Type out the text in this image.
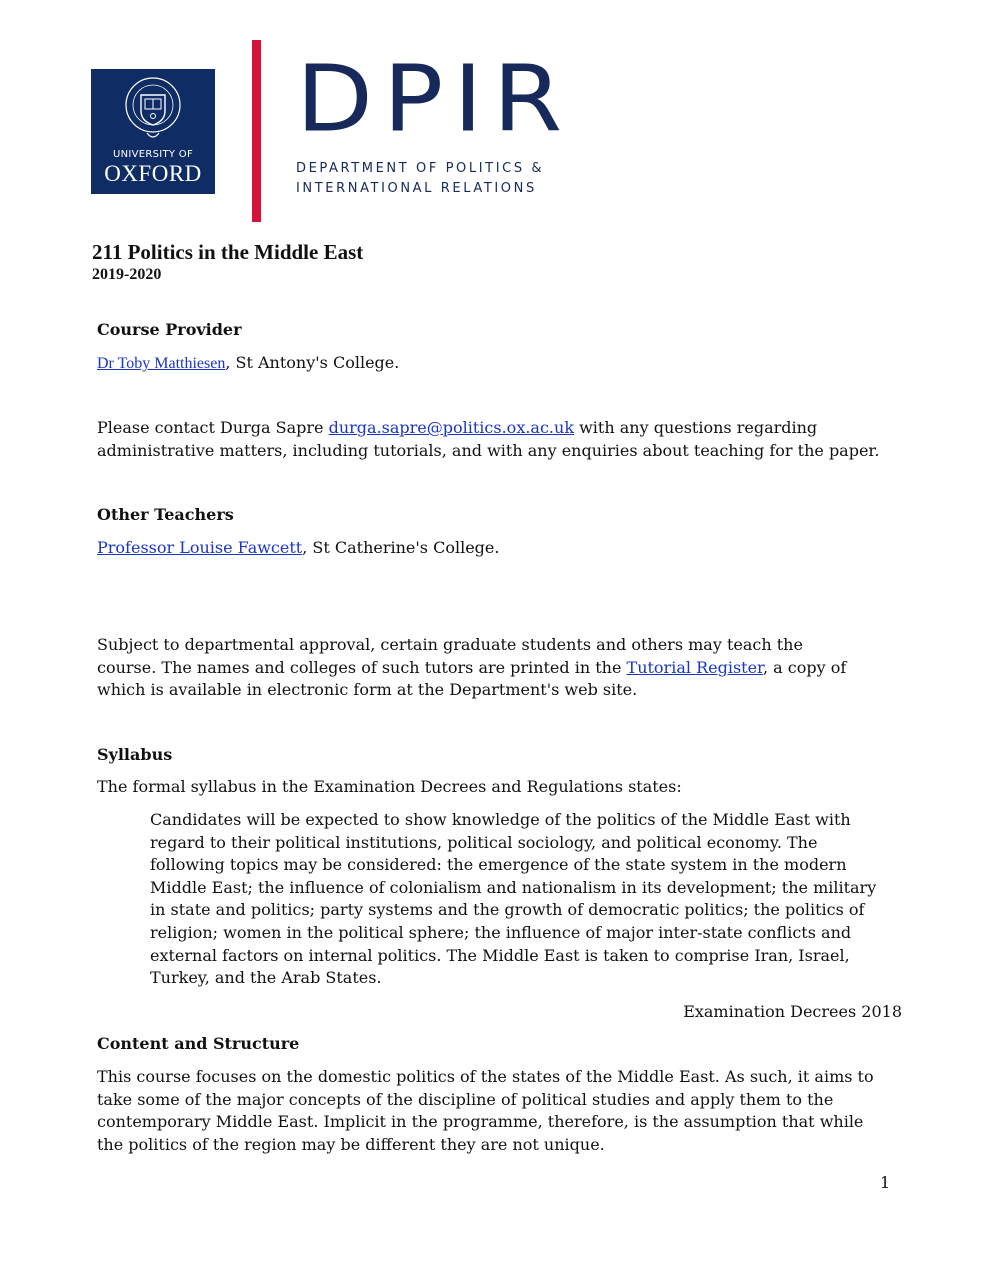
UNIVERSITY OF
OXFORD
DPIR
DEPARTMENT OF POLITICS &
INTERNATIONAL RELATIONS
211 Politics in the Middle East
2019-2020
Course Provider
Dr Toby Matthiesen, St Antony's College.
Please contact Durga Sapre durga.sapre@politics.ox.ac.uk with any questions regarding
administrative matters, including tutorials, and with any enquiries about teaching for the paper.
Other Teachers
Professor Louise Fawcett, St Catherine's College.
Subject to departmental approval, certain graduate students and others may teach the
course. The names and colleges of such tutors are printed in the Tutorial Register, a copy of
which is available in electronic form at the Department's web site.
Syllabus
The formal syllabus in the Examination Decrees and Regulations states:
Candidates will be expected to show knowledge of the politics of the Middle East with
regard to their political institutions, political sociology, and political economy. The
following topics may be considered: the emergence of the state system in the modern
Middle East; the influence of colonialism and nationalism in its development; the military
in state and politics; party systems and the growth of democratic politics; the politics of
religion; women in the political sphere; the influence of major inter-state conflicts and
external factors on internal politics. The Middle East is taken to comprise Iran, Israel,
Turkey, and the Arab States.
Examination Decrees 2018
Content and Structure
This course focuses on the domestic politics of the states of the Middle East. As such, it aims to
take some of the major concepts of the discipline of political studies and apply them to the
contemporary Middle East. Implicit in the programme, therefore, is the assumption that while
the politics of the region may be different they are not unique.
1
